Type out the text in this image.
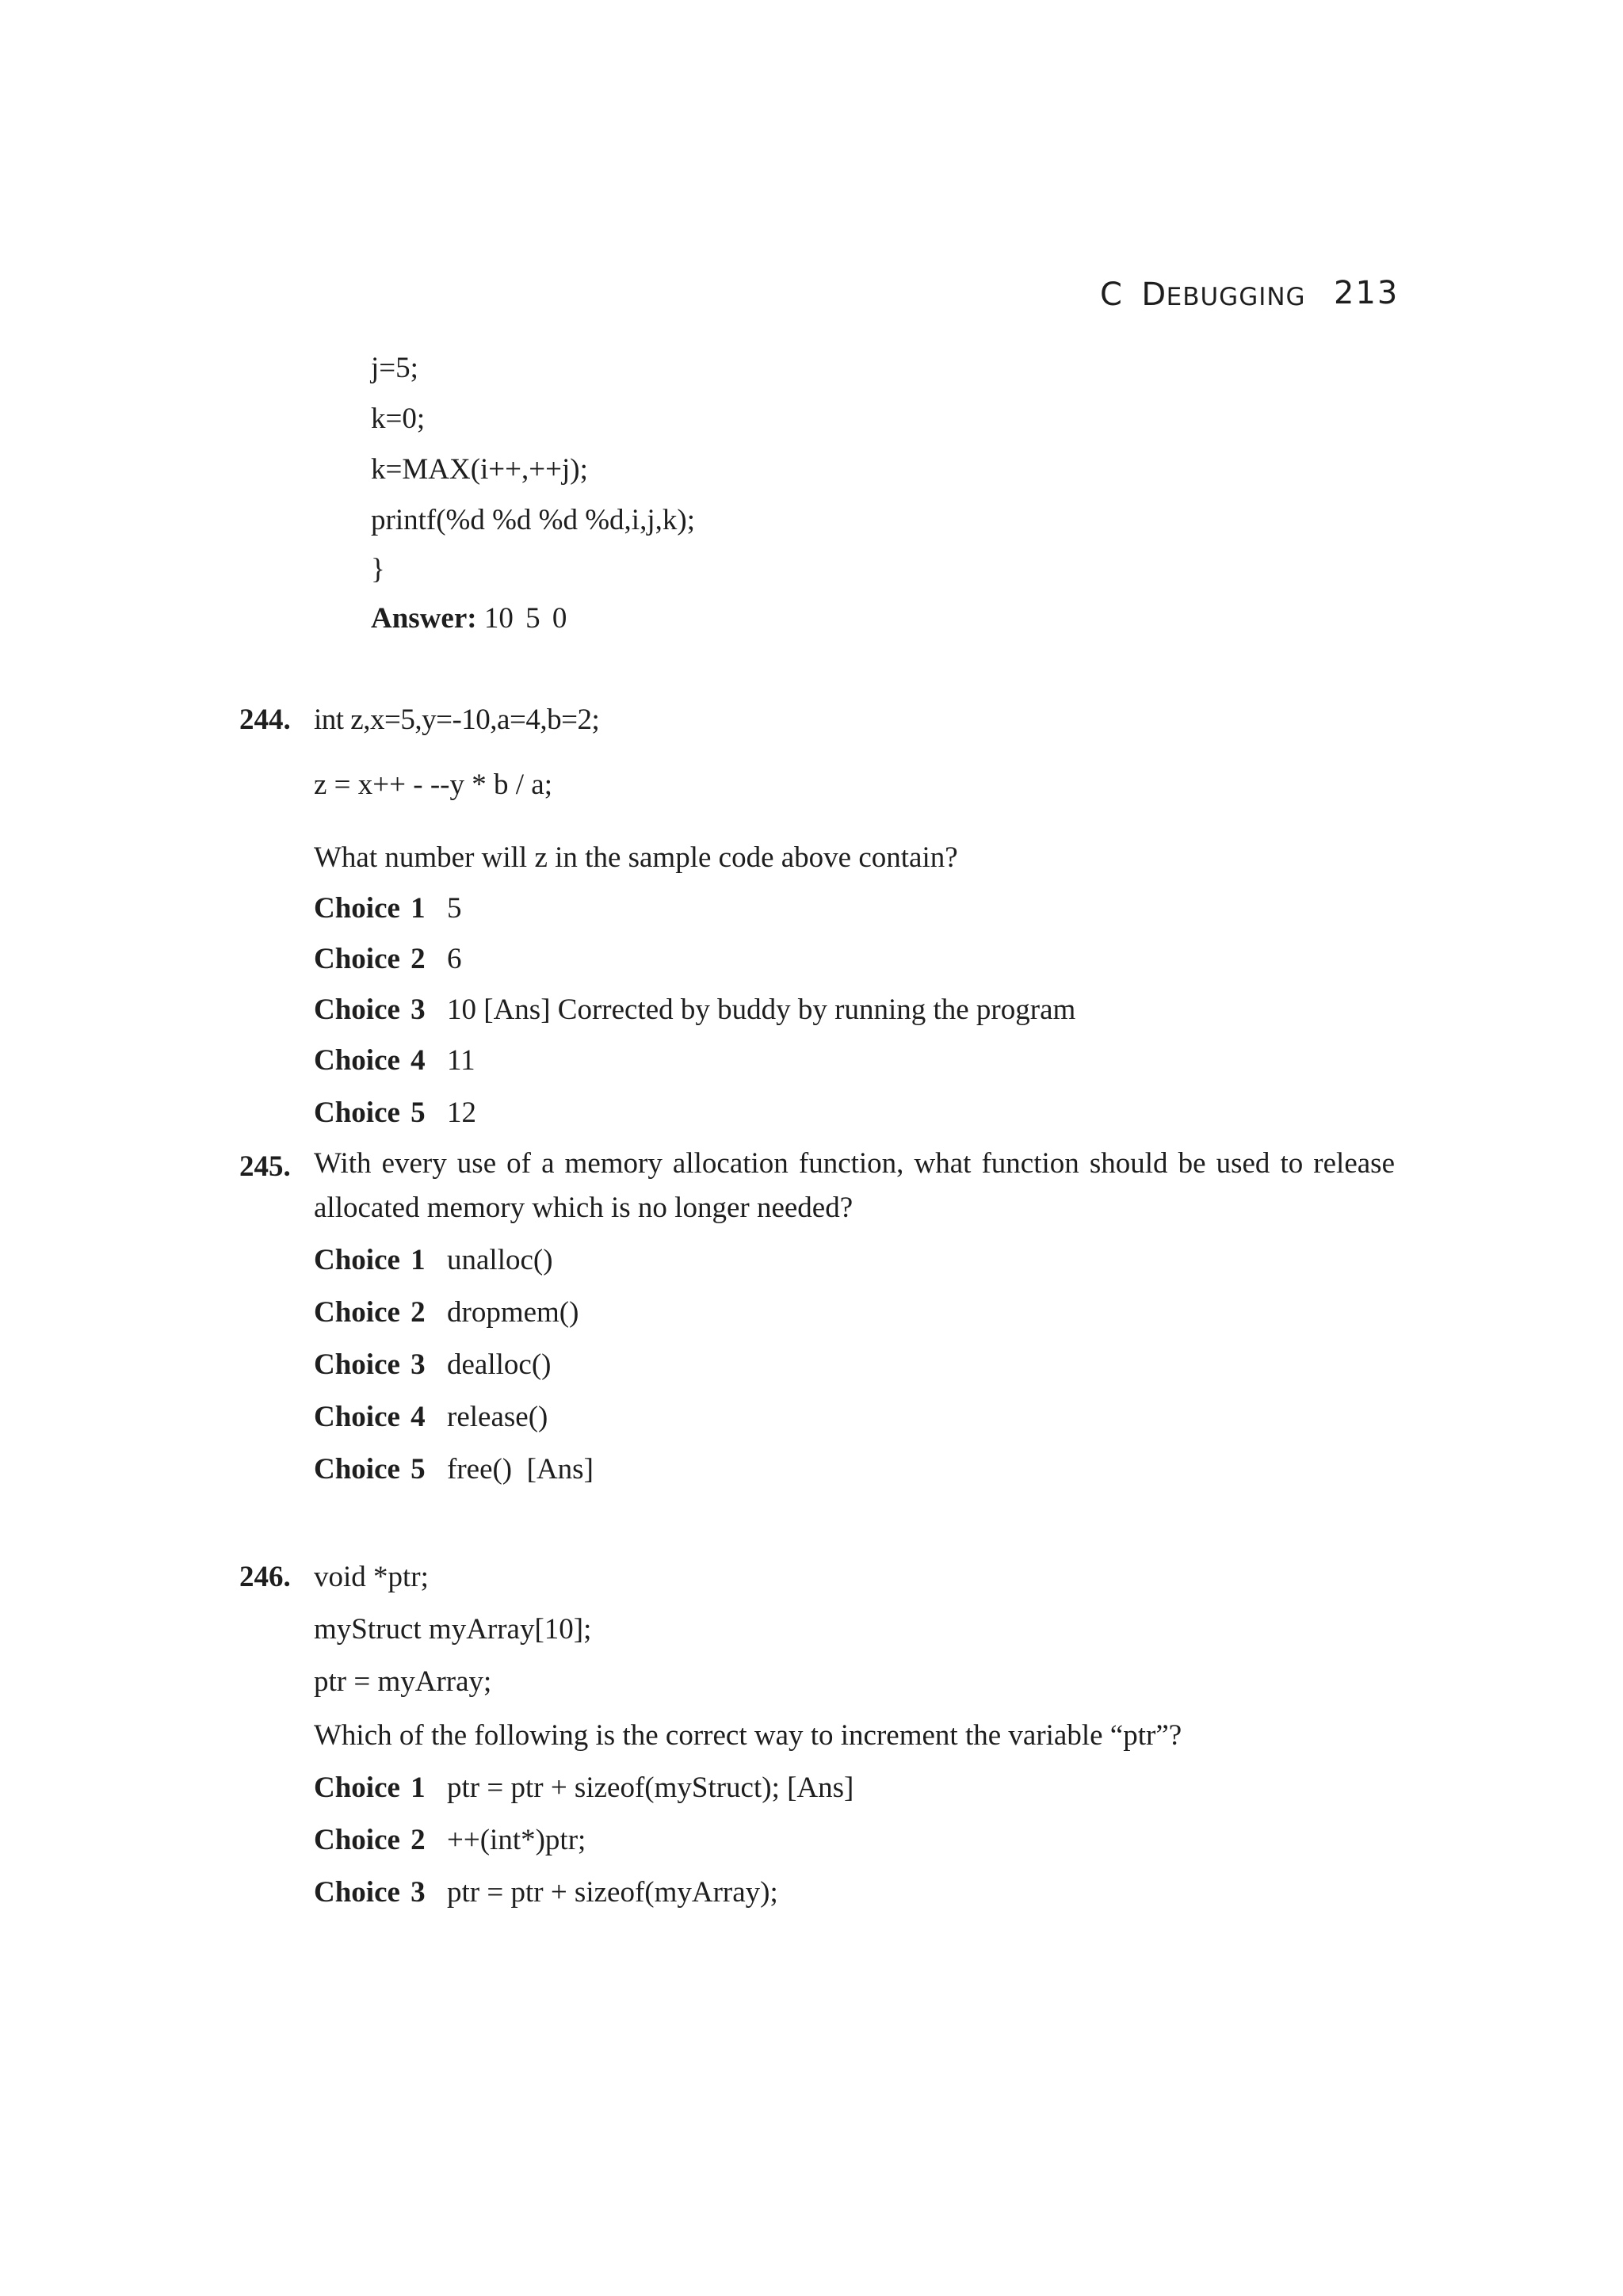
C DEBUGGING 213
j=5;
k=0;
k=MAX(i++,++j);
printf(%d %d %d %d,i,j,k);
}
Answer: 10 5 0
244. int z,x=5,y=-10,a=4,b=2;
z = x++ - --y * b / a;
What number will z in the sample code above contain?
Choice 1 5
Choice 2 6
Choice 3 10 [Ans] Corrected by buddy by running the program
Choice 4 11
Choice 5 12
245. With every use of a memory allocation function, what function should be used to release allocated memory which is no longer needed?
Choice 1 unalloc()
Choice 2 dropmem()
Choice 3 dealloc()
Choice 4 release()
Choice 5 free()  [Ans]
246. void *ptr;
myStruct myArray[10];
ptr = myArray;
Which of the following is the correct way to increment the variable “ptr”?
Choice 1 ptr = ptr + sizeof(myStruct); [Ans]
Choice 2 ++(int*)ptr;
Choice 3 ptr = ptr + sizeof(myArray);
